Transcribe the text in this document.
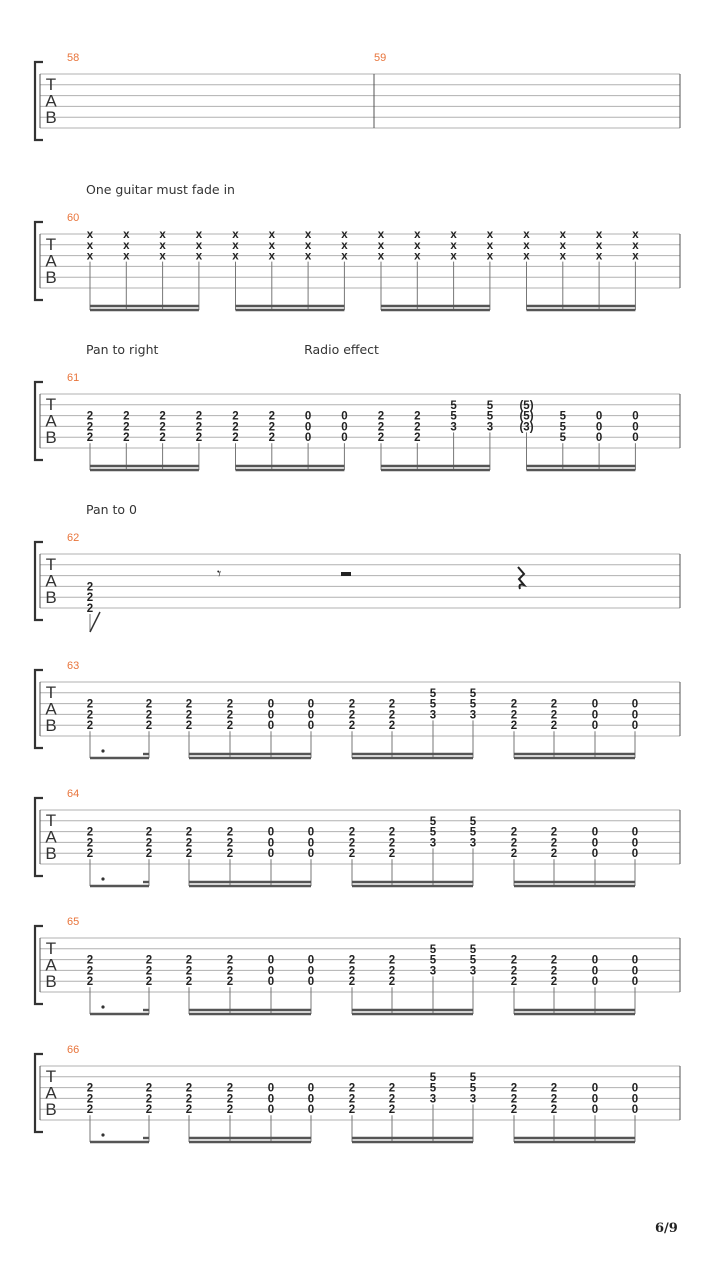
T
A
B
58	59
T
A
B
60
One guitar must fade in
x
x
x
x
x
x
x
x
x
x
x
x
x
x
x
x
x
x
x
x
x
x
x
x
x
x
x
x
x
x
x
x
x
x
x
x
x
x
x
x
x
x
x
x
x
x
x
x
T
A
B
61
Pan to right	Radio effect
2
2
2
2
2
2
2
2
2
2
2
2
2
2
2
2
2
2
0
0
0
0
0
0
2
2
2
2
2
2
5
5
3
5
5
3
(5)
(5)
(3)
5
5
5
0
0
0
0
0
0
T
A
B
62
Pan to 0
2
2
2
𝄾
T
A
B
63
2
2
2
2
2
2
2
2
2
2
2
2
0
0
0
0
0
0
2
2
2
2
2
2
5
5
3
5
5
3
2
2
2
2
2
2
0
0
0
0
0
0
T
A
B
64
2
2
2
2
2
2
2
2
2
2
2
2
0
0
0
0
0
0
2
2
2
2
2
2
5
5
3
5
5
3
2
2
2
2
2
2
0
0
0
0
0
0
T
A
B
65
2
2
2
2
2
2
2
2
2
2
2
2
0
0
0
0
0
0
2
2
2
2
2
2
5
5
3
5
5
3
2
2
2
2
2
2
0
0
0
0
0
0
T
A
B
66
2
2
2
2
2
2
2
2
2
2
2
2
0
0
0
0
0
0
2
2
2
2
2
2
5
5
3
5
5
3
2
2
2
2
2
2
0
0
0
0
0
0
6/9
